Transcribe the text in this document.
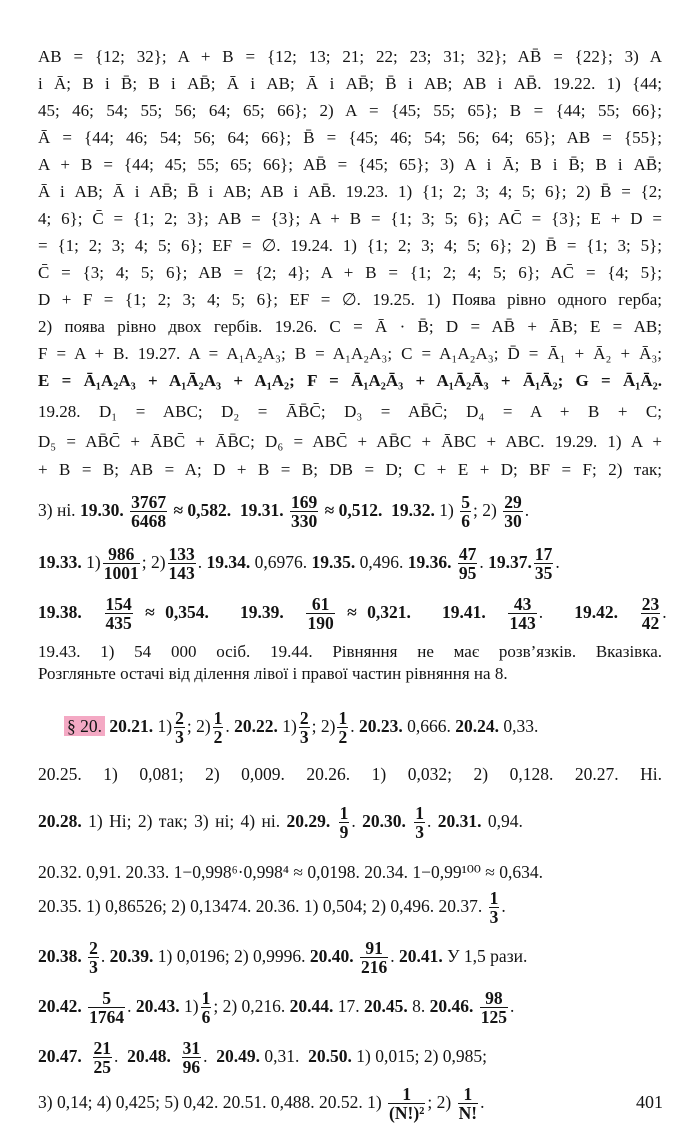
AB = {12; 32}; A + B = {12; 13; 21; 22; 23; 31; 32}; AB̄ = {22}; 3) A
і Ā; B і B̄; B і AB̄; Ā і AB; Ā і AB̄; B̄ і AB; AB і AB̄. 19.22. 1) {44;
45; 46; 54; 55; 56; 64; 65; 66}; 2) A = {45; 55; 65}; B = {44; 55; 66};
Ā = {44; 46; 54; 56; 64; 66}; B̄ = {45; 46; 54; 56; 64; 65}; AB = {55};
A + B = {44; 45; 55; 65; 66}; AB̄ = {45; 65}; 3) A і Ā; B і B̄; B і AB̄;
Ā і AB; Ā і AB̄; B̄ і AB; AB і AB̄. 19.23. 1) {1; 2; 3; 4; 5; 6}; 2) B̄ = {2;
4; 6}; C̄ = {1; 2; 3}; AB = {3}; A + B = {1; 3; 5; 6}; AC̄ = {3}; E + D =
= {1; 2; 3; 4; 5; 6}; EF = ∅. 19.24. 1) {1; 2; 3; 4; 5; 6}; 2) B̄ = {1; 3; 5};
C̄ = {3; 4; 5; 6}; AB = {2; 4}; A + B = {1; 2; 4; 5; 6}; AC̄ = {4; 5};
D + F = {1; 2; 3; 4; 5; 6}; EF = ∅. 19.25. 1) Поява рівно одного герба;
2) поява рівно двох гербів. 19.26. C = Ā · B̄; D = AB̄ + ĀB; E = AB;
F = A + B. 19.27. A = A₁A₂A₃; B = A₁A₂A₃; C = A₁A₂A₃; D̄ = Ā₁ + Ā₂ + Ā₃;
E = Ā₁A₂A₃ + A₁Ā₂A₃ + A₁A₂; F = Ā₁A₂Ā₃ + A₁Ā₂Ā₃ + Ā₁Ā₂; G = Ā₁Ā₂.
19.28. D₁ = ABC; D₂ = ĀB̄C̄; D₃ = AB̄C̄; D₄ = A + B + C;
D₅ = AB̄C̄ + ĀBC̄ + ĀB̄C; D₆ = ABC̄ + AB̄C + ĀBC + ABC. 19.29. 1) A +
+ B = B; AB = A; D + B = B; DB = D; C + E + D; BF = F; 2) так;
3) ні. 19.30. $\frac{3767}{6468} \approx 0,582$. 19.31. $\frac{169}{330} \approx 0,512$. 19.32. $1) \frac{5}{6}$ ; $2) \frac{29}{30}$ .
19.33. $1) \frac{986}{1001}$ ; $2) \frac{133}{143}$ . 19.34. 0,6976. 19.35. 0,496. 19.36. $\frac{47}{95}$ . 19.37. $\frac{17}{35}$ .
19.38. $\frac{154}{435} \approx 0,354$. 19.39. $\frac{61}{190} \approx 0,321$. 19.41. $\frac{43}{143}$ . 19.42. $\frac{23}{42}$ .
19.43. 1) 54 000 осіб. 19.44. Рівняння не має розв’язків. Вказівка.
Розгляньте остачі від ділення лівої і правої частин рівняння на 8.
§ 20. 20.21. $1) \frac{2}{3}$ ; $2) \frac{1}{2}$ . 20.22. $1) \frac{2}{3}$ ; $2) \frac{1}{2}$ . 20.23. 0,666. 20.24. 0,33.
20.25. 1) 0,081; 2) 0,009. 20.26. 1) 0,032; 2) 0,128. 20.27. Ні.
20.28. 1) Ні; 2) так; 3) ні; 4) ні. 20.29. $\frac{1}{9}$ . 20.30. $\frac{1}{3}$ . 20.31. 0,94.
20.32. 0,91. 20.33. 1−0,998⁶·0,998⁴ ≈ 0,0198. 20.34. 1−0,99¹⁰⁰ ≈ 0,634.
20.35. 1) 0,86526; 2) 0,13474. 20.36. 1) 0,504; 2) 0,496. 20.37. $\frac{1}{3}$ .
20.38. $\frac{2}{3}$ . 20.39. 1) 0,0196; 2) 0,9996. 20.40. $\frac{91}{216}$ . 20.41. У 1,5 рази.
20.42. $\frac{5}{1764}$ . 20.43. $1) \frac{1}{6}$ ; 2) 0,216. 20.44. 17. 20.45. 8. 20.46. $\frac{98}{125}$ .
20.47. $\frac{21}{25}$ . 20.48. $\frac{31}{96}$ . 20.49. 0,31. 20.50. 1) 0,015; 2) 0,985;
3) 0,14; 4) 0,425; 5) 0,42. 20.51. 0,488. 20.52. $1) \frac{1}{\text{(N!)²}}$ ; $2) \frac{1}{N!}$ .	401
